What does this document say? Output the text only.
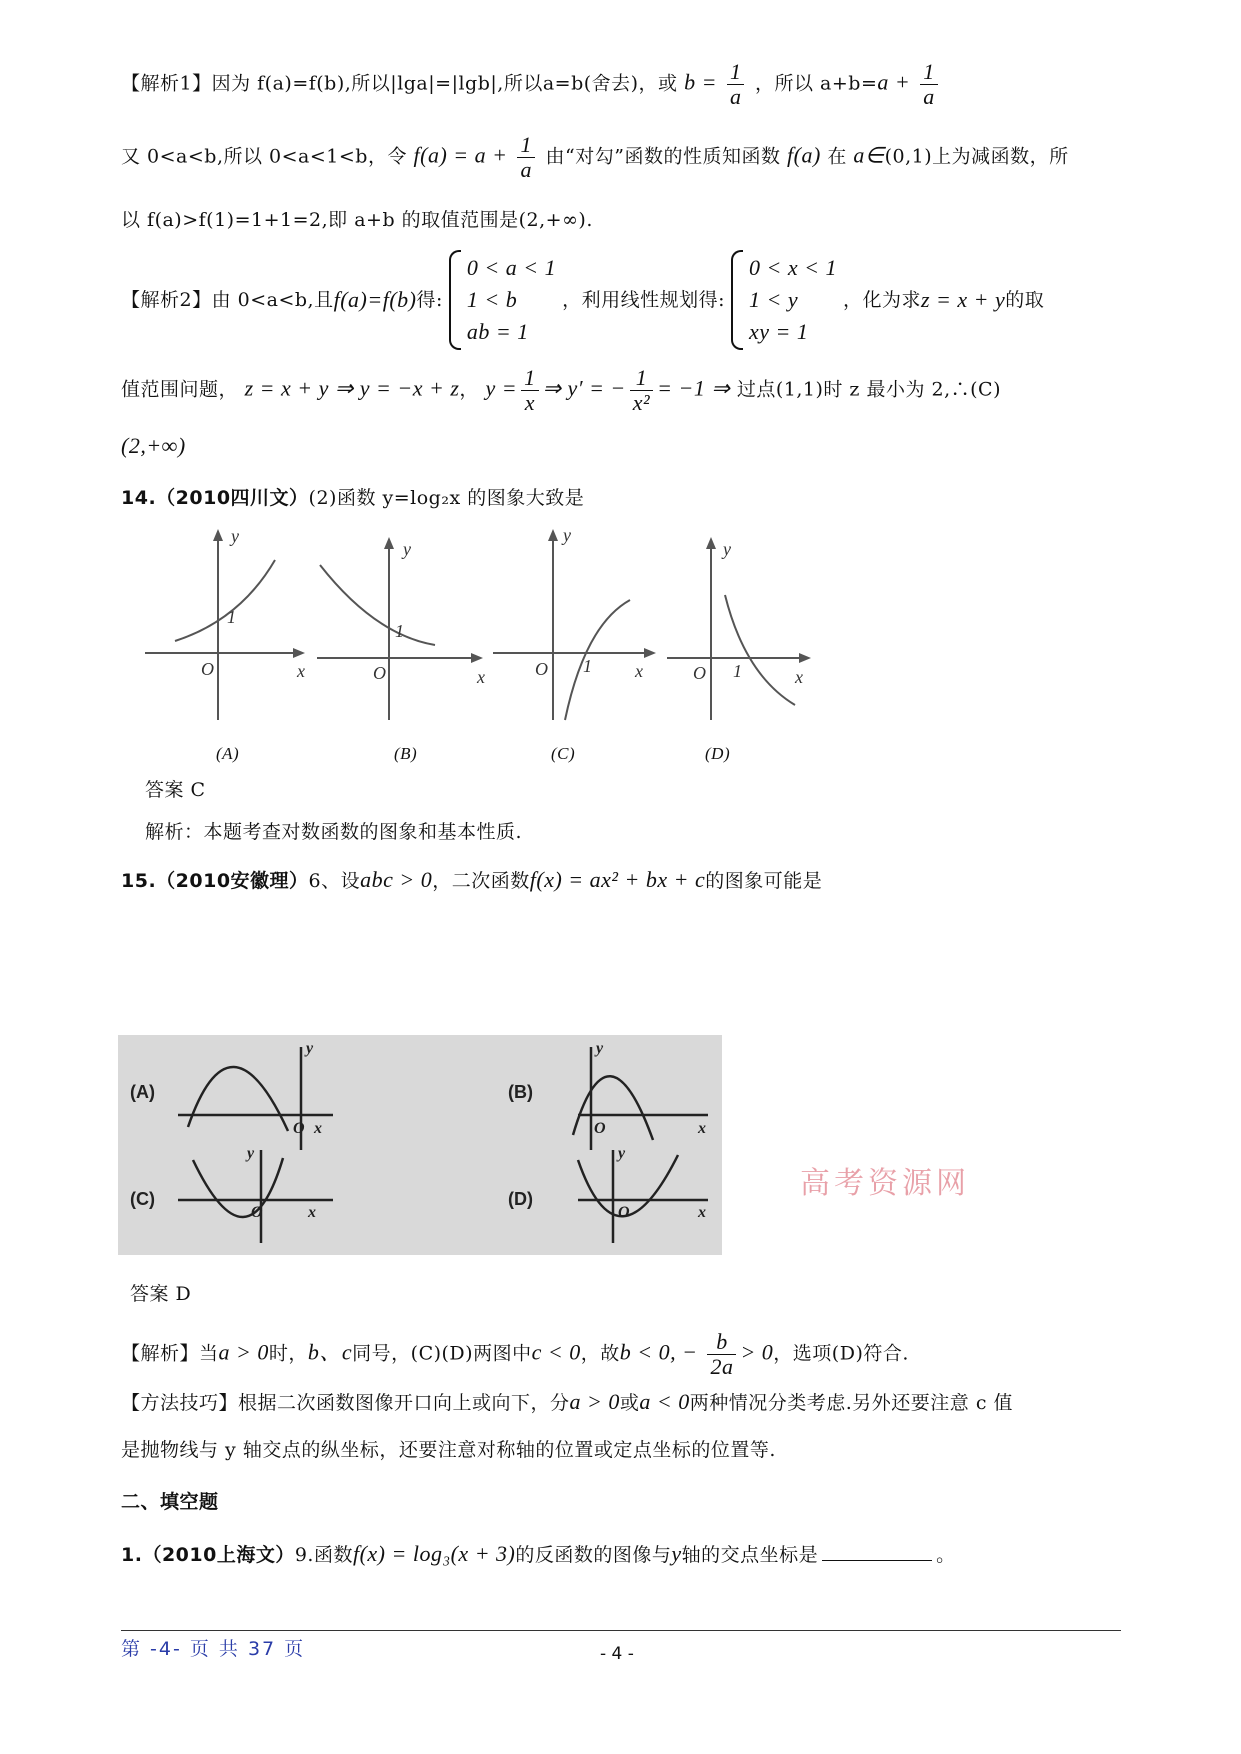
【解析1】因为 f(a)=f(b),所以|lga|=|lgb|,所以a=b(舍去)，或 $b = \frac{1}{a}$ ，所以 $a+b=a + \frac{1}{a}$
又 0<a<b,所以 0<a<1<b，令 $f(a) = a + \frac{1}{a}$ 由“对勾”函数的性质知函数 f(a) 在 a∈(0,1)上为减函数，所
以 f(a)>f(1)=1+1=2,即 a+b 的取值范围是(2,+∞).
【解析2】由 0<a<b,且 f(a)=f(b) 得:
0 < a < 1
1 < b
ab = 1
，利用线性规划得:
0 < x < 1
1 < y
xy = 1
，化为求 z = x + y 的取
值范围问题， z = x + y ⇒ y = −x + z， $y = \frac{1}{x}$ ⇒ y′ = − $\frac{1}{\text{x²}} = -1$ ⇒ 过点(1,1)时 z 最小为 2,∴(C)
(2,+∞)
14.（2010四川文）(2)函数 y=log₂x 的图象大致是
y
O	x
1
y
O	x
1
y
O	x
1
y
O	x
1
(A)	(B)	(C)	(D)
答案 C
解析：本题考查对数函数的图象和基本性质.
15.（2010安徽理）6、设abc > 0，二次函数f(x) = ax² + bx + c的图象可能是
(A)	(B)
(C)	(D)
y
O x
y
O	x
y
O	x
y
O	x
高考资源网
答案 D
【解析】当a > 0时，b、c同号，(C)(D)两图中c < 0，故b < 0, − $\frac{b}{2a} > 0$，选项(D)符合.
【方法技巧】根据二次函数图像开口向上或向下，分a > 0或a < 0两种情况分类考虑.另外还要注意 c 值
是抛物线与 y 轴交点的纵坐标，还要注意对称轴的位置或定点坐标的位置等.
二、填空题
1.（2010上海文）9.函数f(x) = log₃(x + 3)的反函数的图像与y轴的交点坐标是	。
第 -4- 页 共 37 页	- 4 -
